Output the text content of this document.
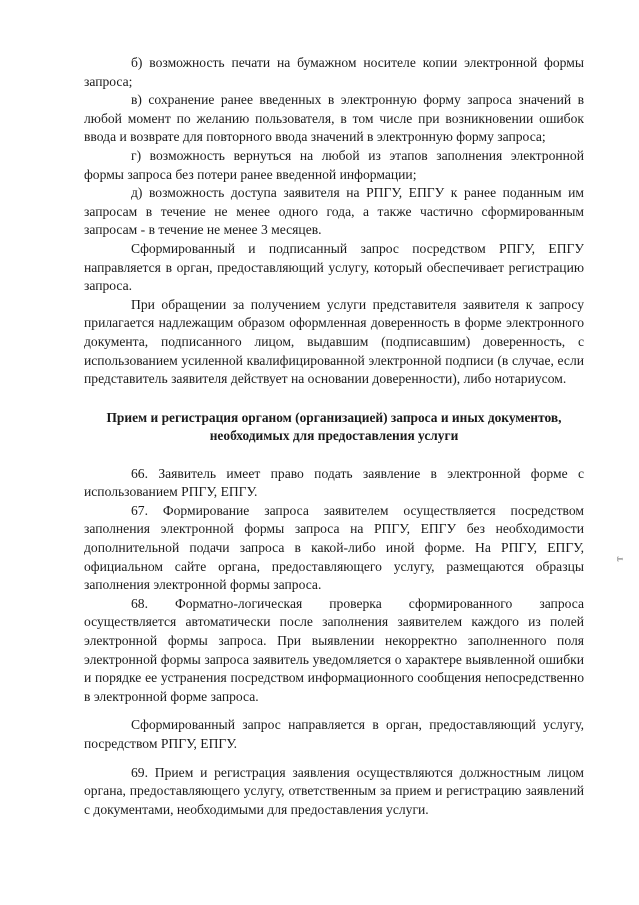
б) возможность печати на бумажном носителе копии электронной формы запроса;

в) сохранение ранее введенных в электронную форму запроса значений в любой момент по желанию пользователя, в том числе при возникновении ошибок ввода и возврате для повторного ввода значений в электронную форму запроса;

г) возможность вернуться на любой из этапов заполнения электронной формы запроса без потери ранее введенной информации;

д) возможность доступа заявителя на РПГУ, ЕПГУ к ранее поданным им запросам в течение не менее одного года, а также частично сформированным запросам - в течение не менее 3 месяцев.

Сформированный и подписанный запрос посредством РПГУ, ЕПГУ направляется в орган, предоставляющий услугу, который обеспечивает регистрацию запроса.

При обращении за получением услуги представителя заявителя к запросу прилагается надлежащим образом оформленная доверенность в форме электронного документа, подписанного лицом, выдавшим (подписавшим) доверенность, с использованием усиленной квалифицированной электронной подписи (в случае, если представитель заявителя действует на основании доверенности), либо нотариусом.

Прием и регистрация органом (организацией) запроса и иных документов, необходимых для предоставления услуги

66. Заявитель имеет право подать заявление в электронной форме с использованием РПГУ, ЕПГУ.

67. Формирование запроса заявителем осуществляется посредством заполнения электронной формы запроса на РПГУ, ЕПГУ без необходимости дополнительной подачи запроса в какой-либо иной форме. На РПГУ, ЕПГУ, официальном сайте органа, предоставляющего услугу, размещаются образцы заполнения электронной формы запроса.

68. Форматно-логическая проверка сформированного запроса осуществляется автоматически после заполнения заявителем каждого из полей электронной формы запроса. При выявлении некорректно заполненного поля электронной формы запроса заявитель уведомляется о характере выявленной ошибки и порядке ее устранения посредством информационного сообщения непосредственно в электронной форме запроса.

Сформированный запрос направляется в орган, предоставляющий услугу, посредством РПГУ, ЕПГУ.

69. Прием и регистрация заявления осуществляются должностным лицом органа, предоставляющего услугу, ответственным за прием и регистрацию заявлений с документами, необходимыми для предоставления услуги.

т
